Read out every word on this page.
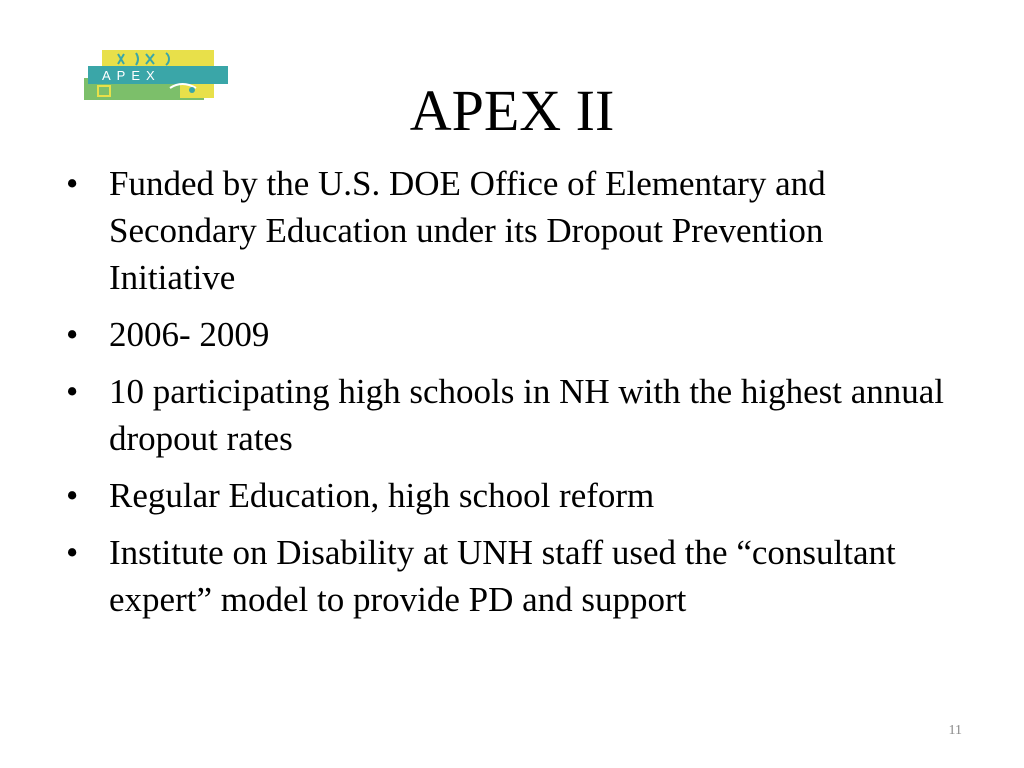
APEX
APEX II
• Funded by the U.S. DOE Office of Elementary and Secondary Education under its Dropout Prevention Initiative
• 2006- 2009
• 10 participating high schools in NH with the highest annual dropout rates
• Regular Education, high school reform
• Institute on Disability at UNH staff used the “consultant expert” model to provide PD and support
11
